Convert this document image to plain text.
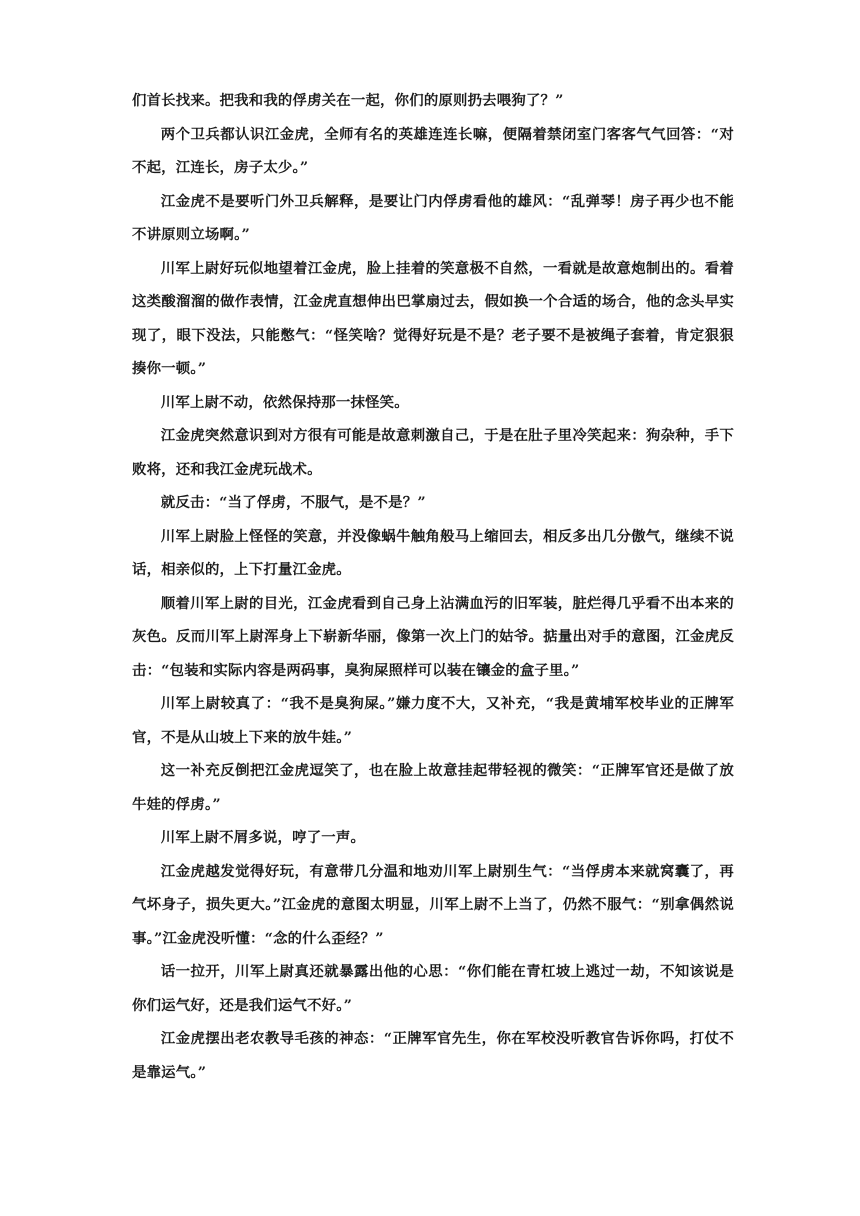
们首长找来。把我和我的俘虏关在一起，你们的原则扔去喂狗了？”

两个卫兵都认识江金虎，全师有名的英雄连连长嘛，便隔着禁闭室门客客气气回答：“对不起，江连长，房子太少。”

江金虎不是要听门外卫兵解释，是要让门内俘虏看他的雄风：“乱弹琴！房子再少也不能不讲原则立场啊。”

川军上尉好玩似地望着江金虎，脸上挂着的笑意极不自然，一看就是故意炮制出的。看着这类酸溜溜的做作表情，江金虎直想伸出巴掌扇过去，假如换一个合适的场合，他的念头早实现了，眼下没法，只能憋气：“怪笑啥？觉得好玩是不是？老子要不是被绳子套着，肯定狠狠揍你一顿。”

川军上尉不动，依然保持那一抹怪笑。

江金虎突然意识到对方很有可能是故意刺激自己，于是在肚子里冷笑起来：狗杂种，手下败将，还和我江金虎玩战术。

就反击：“当了俘虏，不服气，是不是？”

川军上尉脸上怪怪的笑意，并没像蜗牛触角般马上缩回去，相反多出几分傲气，继续不说话，相亲似的，上下打量江金虎。

顺着川军上尉的目光，江金虎看到自己身上沾满血污的旧军装，脏烂得几乎看不出本来的灰色。反而川军上尉浑身上下崭新华丽，像第一次上门的姑爷。掂量出对手的意图，江金虎反击：“包装和实际内容是两码事，臭狗屎照样可以装在镶金的盒子里。”

川军上尉较真了：“我不是臭狗屎。”嫌力度不大，又补充，“我是黄埔军校毕业的正牌军官，不是从山坡上下来的放牛娃。”

这一补充反倒把江金虎逗笑了，也在脸上故意挂起带轻视的微笑：“正牌军官还是做了放牛娃的俘虏。”

川军上尉不屑多说，哼了一声。

江金虎越发觉得好玩，有意带几分温和地劝川军上尉别生气：“当俘虏本来就窝囊了，再气坏身子，损失更大。”江金虎的意图太明显，川军上尉不上当了，仍然不服气：“别拿偶然说事。”江金虎没听懂：“念的什么歪经？”

话一拉开，川军上尉真还就暴露出他的心思：“你们能在青杠坡上逃过一劫，不知该说是你们运气好，还是我们运气不好。”

江金虎摆出老农教导毛孩的神态：“正牌军官先生，你在军校没听教官告诉你吗，打仗不是靠运气。”
